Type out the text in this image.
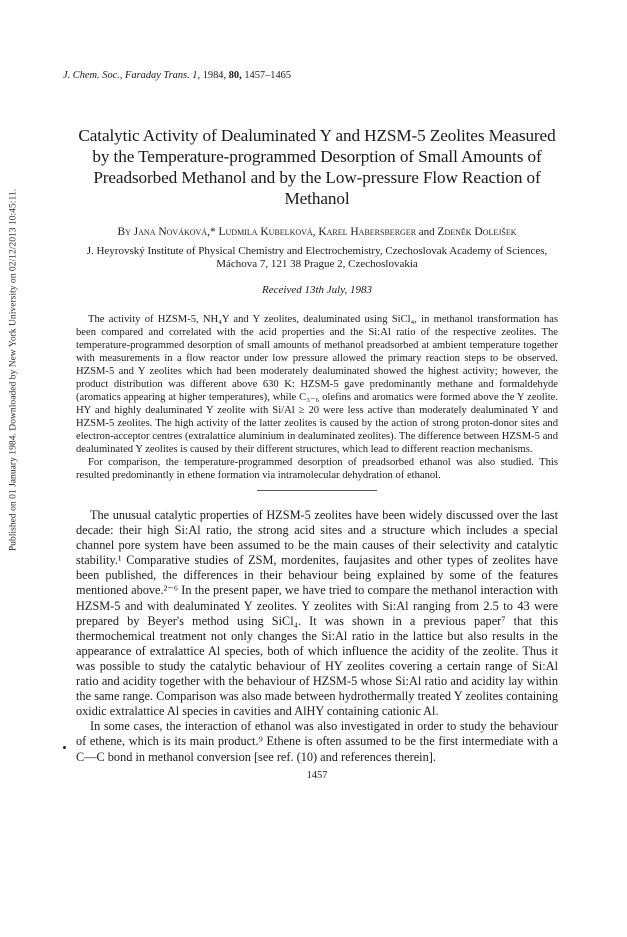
Published on 01 January 1984. Downloaded by New York University on 02/12/2013 10:45:11.
J. Chem. Soc., Faraday Trans. 1, 1984, 80, 1457–1465
Catalytic Activity of Dealuminated Y and HZSM-5 Zeolites Measured by the Temperature-programmed Desorption of Small Amounts of Preadsorbed Methanol and by the Low-pressure Flow Reaction of Methanol
By Jana Nováková,* Ludmila Kubelková, Karel Habersberger and Zdeněk Dolejšek
J. Heyrovský Institute of Physical Chemistry and Electrochemistry, Czechoslovak Academy of Sciences, Máchova 7, 121 38 Prague 2, Czechoslovakia
Received 13th July, 1983

The activity of HZSM-5, NH₄Y and Y zeolites, dealuminated using SiCl₄, in methanol transformation has been compared and correlated with the acid properties and the Si:Al ratio of the respective zeolites. The temperature-programmed desorption of small amounts of methanol preadsorbed at ambient temperature together with measurements in a flow reactor under low pressure allowed the primary reaction steps to be observed. HZSM-5 and Y zeolites which had been moderately dealuminated showed the highest activity; however, the product distribution was different above 630 K: HZSM-5 gave predominantly methane and formaldehyde (aromatics appearing at higher temperatures), while C₃₋₆ olefins and aromatics were formed above the Y zeolite. HY and highly dealuminated Y zeolite with Si/Al ≥ 20 were less active than moderately dealuminated Y and HZSM-5 zeolites. The high activity of the latter zeolites is caused by the action of strong proton-donor sites and electron-acceptor centres (extralattice aluminium in dealuminated zeolites). The difference between HZSM-5 and dealuminated Y zeolites is caused by their different structures, which lead to different reaction mechanisms.

For comparison, the temperature-programmed desorption of preadsorbed ethanol was also studied. This resulted predominantly in ethene formation via intramolecular dehydration of ethanol.

The unusual catalytic properties of HZSM-5 zeolites have been widely discussed over the last decade: their high Si:Al ratio, the strong acid sites and a structure which includes a special channel pore system have been assumed to be the main causes of their selectivity and catalytic stability.¹ Comparative studies of ZSM, mordenites, faujasites and other types of zeolites have been published, the differences in their behaviour being explained by some of the features mentioned above.²⁻⁶ In the present paper, we have tried to compare the methanol interaction with HZSM-5 and with dealuminated Y zeolites. Y zeolites with Si:Al ranging from 2.5 to 43 were prepared by Beyer's method using SiCl₄. It was shown in a previous paper⁷ that this thermochemical treatment not only changes the Si:Al ratio in the lattice but also results in the appearance of extralattice Al species, both of which influence the acidity of the zeolite. Thus it was possible to study the catalytic behaviour of HY zeolites covering a certain range of Si:Al ratio and acidity together with the behaviour of HZSM-5 whose Si:Al ratio and acidity lay within the same range. Comparison was also made between hydrothermally treated Y zeolites containing oxidic extralattice Al species in cavities and AlHY containing cationic Al.

In some cases, the interaction of ethanol was also investigated in order to study the behaviour of ethene, which is its main product.⁹ Ethene is often assumed to be the first intermediate with a C—C bond in methanol conversion [see ref. (10) and references therein].

1457
